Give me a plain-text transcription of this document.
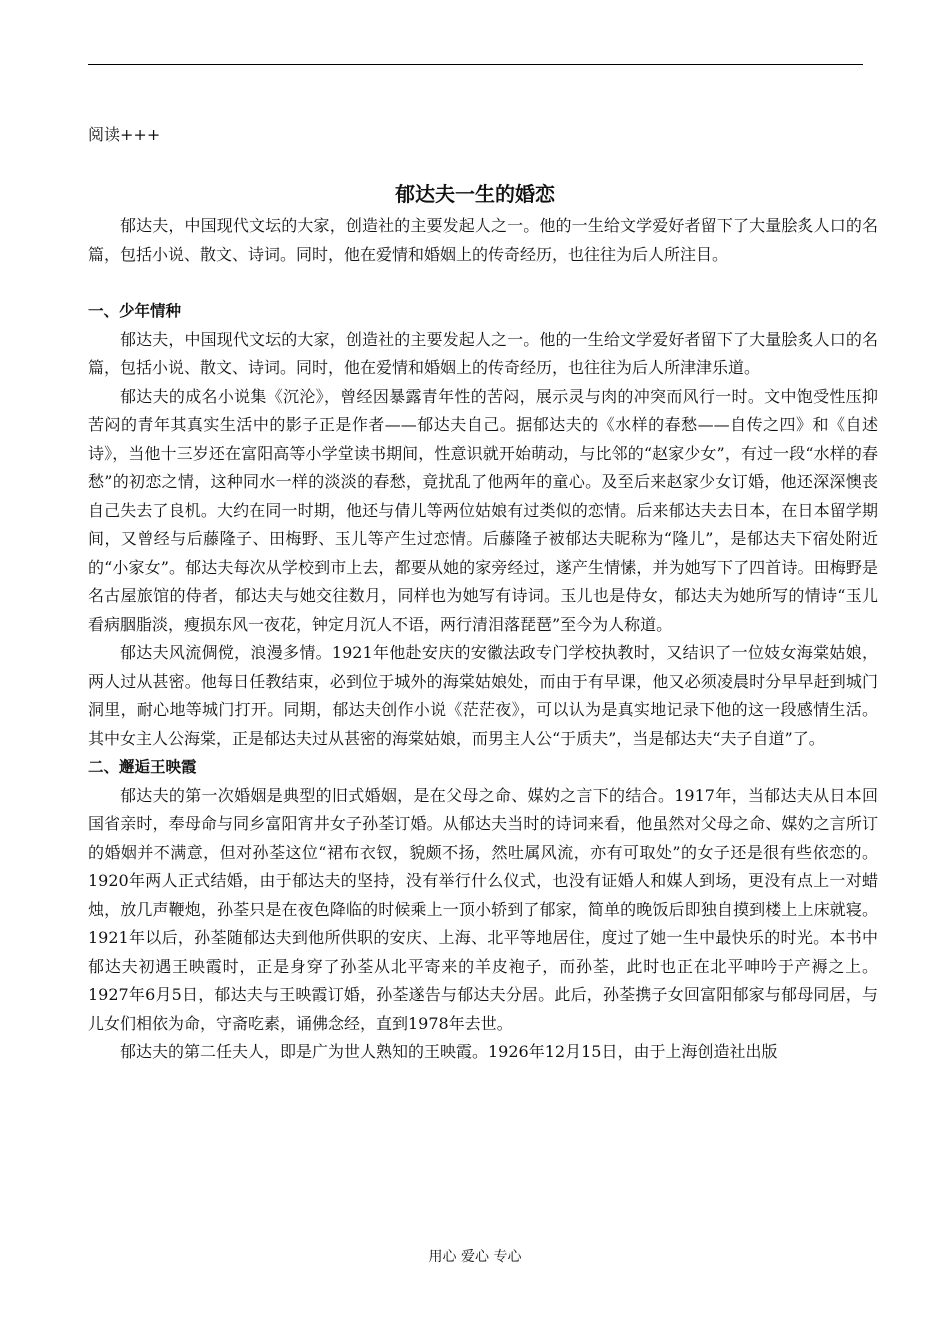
阅读+++
郁达夫一生的婚恋

郁达夫，中国现代文坛的大家，创造社的主要发起人之一。他的一生给文学爱好者留下了大量脍炙人口的名篇，包括小说、散文、诗词。同时，他在爱情和婚姻上的传奇经历，也往往为后人所注目。

一、少年情种

郁达夫，中国现代文坛的大家，创造社的主要发起人之一。他的一生给文学爱好者留下了大量脍炙人口的名篇，包括小说、散文、诗词。同时，他在爱情和婚姻上的传奇经历，也往往为后人所津津乐道。

郁达夫的成名小说集《沉沦》，曾经因暴露青年性的苦闷，展示灵与肉的冲突而风行一时。文中饱受性压抑苦闷的青年其真实生活中的影子正是作者——郁达夫自己。据郁达夫的《水样的春愁——自传之四》和《自述诗》，当他十三岁还在富阳高等小学堂读书期间，性意识就开始萌动，与比邻的“赵家少女”，有过一段“水样的春愁”的初恋之情，这种同水一样的淡淡的春愁，竟扰乱了他两年的童心。及至后来赵家少女订婚，他还深深懊丧自己失去了良机。大约在同一时期，他还与倩儿等两位姑娘有过类似的恋情。后来郁达夫去日本，在日本留学期间，又曾经与后藤隆子、田梅野、玉儿等产生过恋情。后藤隆子被郁达夫昵称为“隆儿”，是郁达夫下宿处附近的“小家女”。郁达夫每次从学校到市上去，都要从她的家旁经过，遂产生情愫，并为她写下了四首诗。田梅野是名古屋旅馆的侍者，郁达夫与她交往数月，同样也为她写有诗词。玉儿也是侍女，郁达夫为她所写的情诗“玉儿看病胭脂淡，瘦损东风一夜花，钟定月沉人不语，两行清泪落琵琶”至今为人称道。

郁达夫风流倜傥，浪漫多情。1921年他赴安庆的安徽法政专门学校执教时，又结识了一位妓女海棠姑娘，两人过从甚密。他每日任教结束，必到位于城外的海棠姑娘处，而由于有早课，他又必须凌晨时分早早赶到城门洞里，耐心地等城门打开。同期，郁达夫创作小说《茫茫夜》，可以认为是真实地记录下他的这一段感情生活。其中女主人公海棠，正是郁达夫过从甚密的海棠姑娘，而男主人公“于质夫”，当是郁达夫“夫子自道”了。

二、邂逅王映霞

郁达夫的第一次婚姻是典型的旧式婚姻，是在父母之命、媒妁之言下的结合。1917年，当郁达夫从日本回国省亲时，奉母命与同乡富阳宵井女子孙荃订婚。从郁达夫当时的诗词来看，他虽然对父母之命、媒妁之言所订的婚姻并不满意，但对孙荃这位“裙布衣钗，貌颇不扬，然吐属风流，亦有可取处”的女子还是很有些依恋的。1920年两人正式结婚，由于郁达夫的坚持，没有举行什么仪式，也没有证婚人和媒人到场，更没有点上一对蜡烛，放几声鞭炮，孙荃只是在夜色降临的时候乘上一顶小轿到了郁家，简单的晚饭后即独自摸到楼上上床就寝。1921年以后，孙荃随郁达夫到他所供职的安庆、上海、北平等地居住，度过了她一生中最快乐的时光。本书中郁达夫初遇王映霞时，正是身穿了孙荃从北平寄来的羊皮袍子，而孙荃，此时也正在北平呻吟于产褥之上。1927年6月5日，郁达夫与王映霞订婚，孙荃遂告与郁达夫分居。此后，孙荃携子女回富阳郁家与郁母同居，与儿女们相依为命，守斋吃素，诵佛念经，直到1978年去世。

郁达夫的第二任夫人，即是广为世人熟知的王映霞。1926年12月15日，由于上海创造社出版

用心 爱心 专心
